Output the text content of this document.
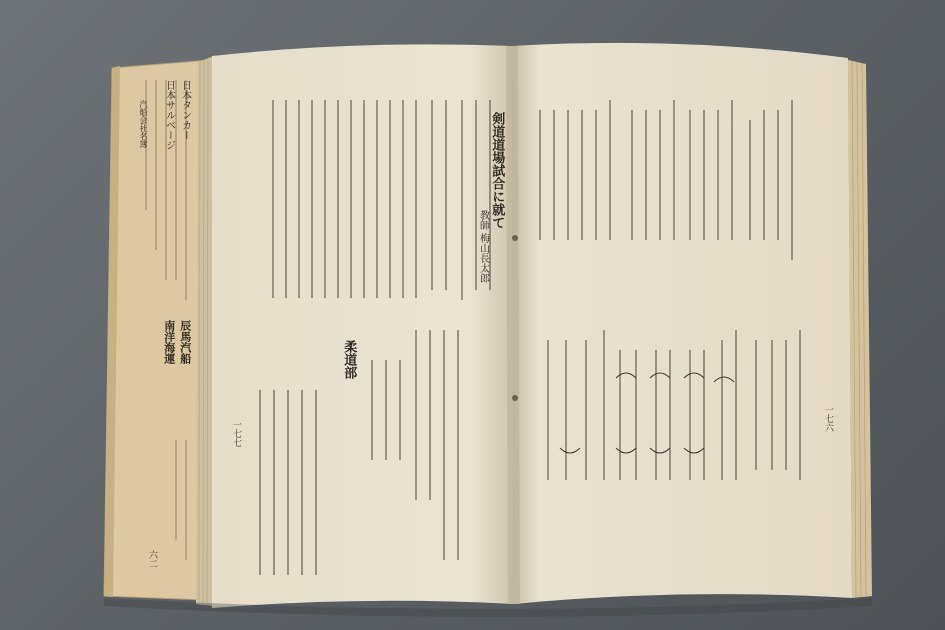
日本タンカー
日本サルベージ
汽船会社名簿
辰馬汽船
南洋海運
六二
剣道道場試合に就て
教師 梅山長太郎
柔道部
一七七
一七六
